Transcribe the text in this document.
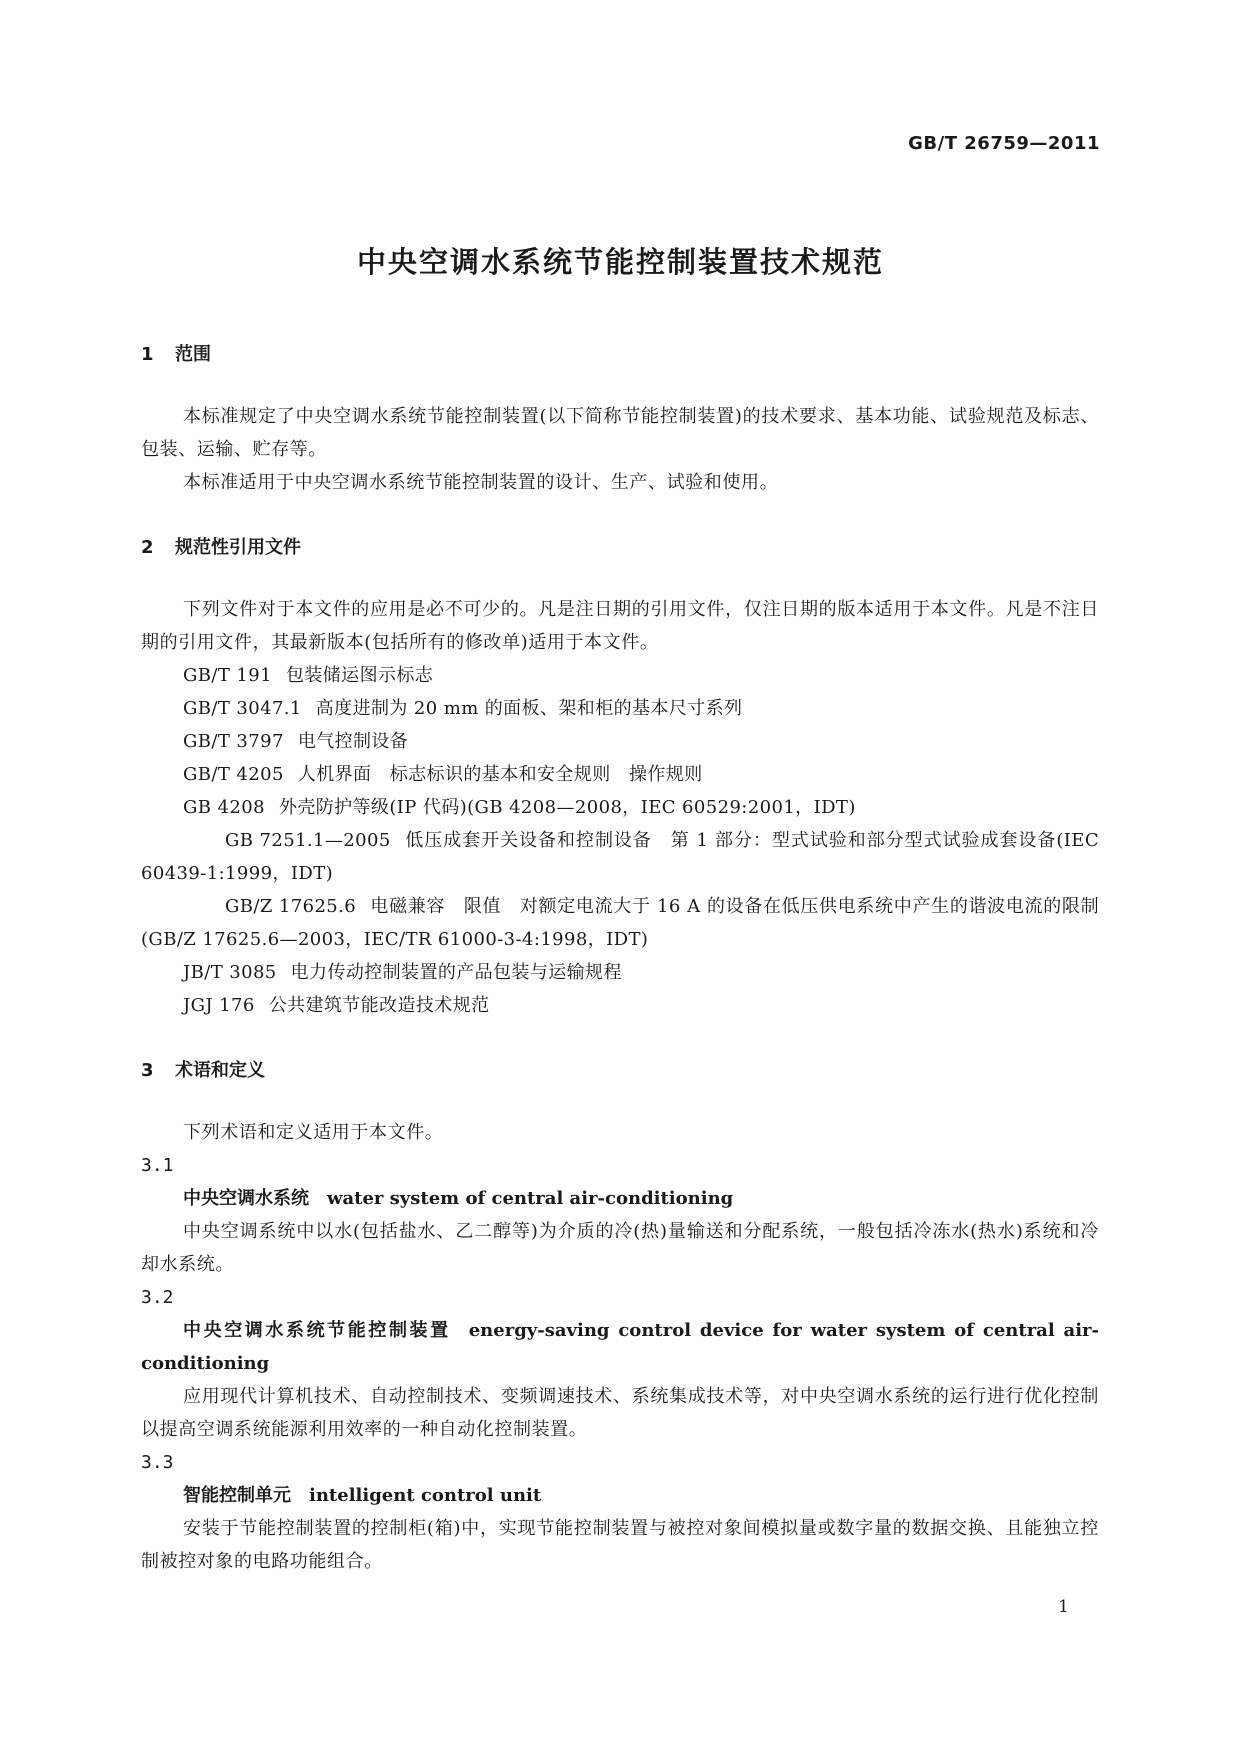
GB/T 26759—2011
中央空调水系统节能控制装置技术规范
1 范围
本标准规定了中央空调水系统节能控制装置(以下简称节能控制装置)的技术要求、基本功能、试验规范及标志、包装、运输、贮存等。
本标准适用于中央空调水系统节能控制装置的设计、生产、试验和使用。
2 规范性引用文件
下列文件对于本文件的应用是必不可少的。凡是注日期的引用文件，仅注日期的版本适用于本文件。凡是不注日期的引用文件，其最新版本(包括所有的修改单)适用于本文件。
GB/T 191 包装储运图示标志
GB/T 3047.1 高度进制为 20 mm 的面板、架和柜的基本尺寸系列
GB/T 3797 电气控制设备
GB/T 4205 人机界面　标志标识的基本和安全规则　操作规则
GB 4208 外壳防护等级(IP 代码)(GB 4208—2008，IEC 60529:2001，IDT)
GB 7251.1—2005 低压成套开关设备和控制设备　第 1 部分：型式试验和部分型式试验成套设备(IEC 60439-1:1999，IDT)
GB/Z 17625.6 电磁兼容　限值　对额定电流大于 16 A 的设备在低压供电系统中产生的谐波电流的限制(GB/Z 17625.6—2003，IEC/TR 61000-3-4:1998，IDT)
JB/T 3085 电力传动控制装置的产品包装与运输规程
JGJ 176 公共建筑节能改造技术规范
3 术语和定义
下列术语和定义适用于本文件。
3.1
中央空调水系统 water system of central air-conditioning
中央空调系统中以水(包括盐水、乙二醇等)为介质的冷(热)量输送和分配系统，一般包括冷冻水(热水)系统和冷却水系统。
3.2
中央空调水系统节能控制装置 energy-saving control device for water system of central air-conditioning
应用现代计算机技术、自动控制技术、变频调速技术、系统集成技术等，对中央空调水系统的运行进行优化控制以提高空调系统能源利用效率的一种自动化控制装置。
3.3
智能控制单元 intelligent control unit
安装于节能控制装置的控制柜(箱)中，实现节能控制装置与被控对象间模拟量或数字量的数据交换、且能独立控制被控对象的电路功能组合。
1
